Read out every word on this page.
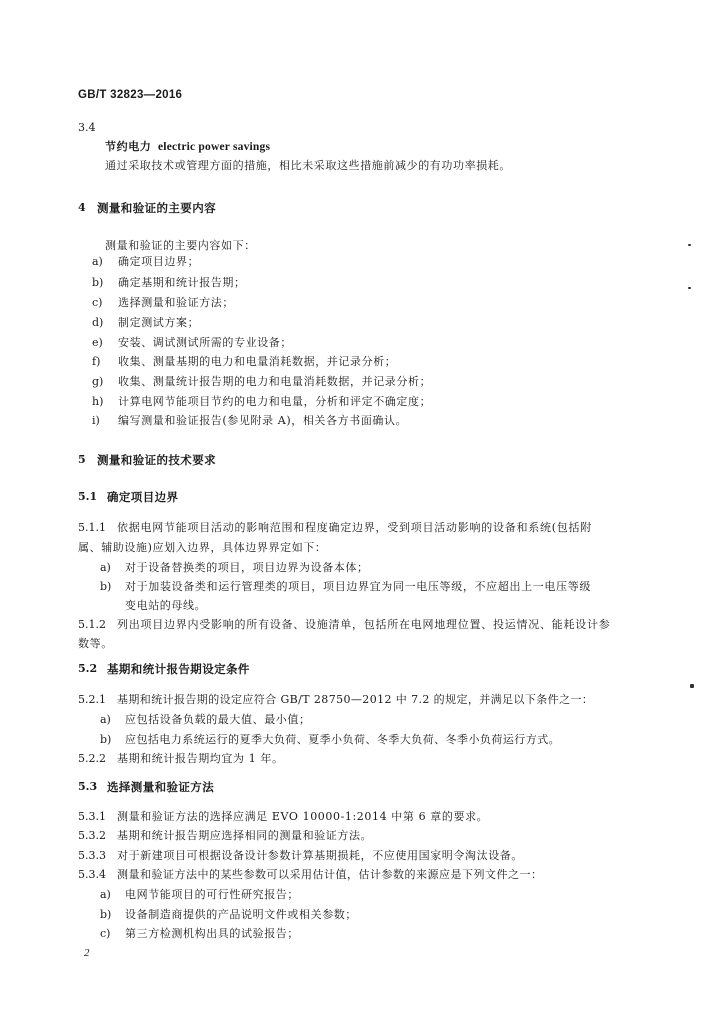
GB/T 32823—2016
3.4
节约电力 electric power savings
通过采取技术或管理方面的措施，相比未采取这些措施前减少的有功功率损耗。
4 测量和验证的主要内容
测量和验证的主要内容如下：
a) 确定项目边界；
b) 确定基期和统计报告期；
c) 选择测量和验证方法；
d) 制定测试方案；
e) 安装、调试测试所需的专业设备；
f) 收集、测量基期的电力和电量消耗数据，并记录分析；
g) 收集、测量统计报告期的电力和电量消耗数据，并记录分析；
h) 计算电网节能项目节约的电力和电量，分析和评定不确定度；
i) 编写测量和验证报告(参见附录 A)，相关各方书面确认。
5 测量和验证的技术要求
5.1 确定项目边界
5.1.1 依据电网节能项目活动的影响范围和程度确定边界，受到项目活动影响的设备和系统(包括附
属、辅助设施)应划入边界，具体边界界定如下：
a) 对于设备替换类的项目，项目边界为设备本体；
b) 对于加装设备类和运行管理类的项目，项目边界宜为同一电压等级，不应超出上一电压等级
变电站的母线。
5.1.2 列出项目边界内受影响的所有设备、设施清单，包括所在电网地理位置、投运情况、能耗设计参
数等。
5.2 基期和统计报告期设定条件
5.2.1 基期和统计报告期的设定应符合 GB/T 28750—2012 中 7.2 的规定，并满足以下条件之一：
a) 应包括设备负载的最大值、最小值；
b) 应包括电力系统运行的夏季大负荷、夏季小负荷、冬季大负荷、冬季小负荷运行方式。
5.2.2 基期和统计报告期均宜为 1 年。
5.3 选择测量和验证方法
5.3.1 测量和验证方法的选择应满足 EVO 10000-1:2014 中第 6 章的要求。
5.3.2 基期和统计报告期应选择相同的测量和验证方法。
5.3.3 对于新建项目可根据设备设计参数计算基期损耗，不应使用国家明令淘汰设备。
5.3.4 测量和验证方法中的某些参数可以采用估计值，估计参数的来源应是下列文件之一：
a) 电网节能项目的可行性研究报告；
b) 设备制造商提供的产品说明文件或相关参数；
c) 第三方检测机构出具的试验报告；
2
